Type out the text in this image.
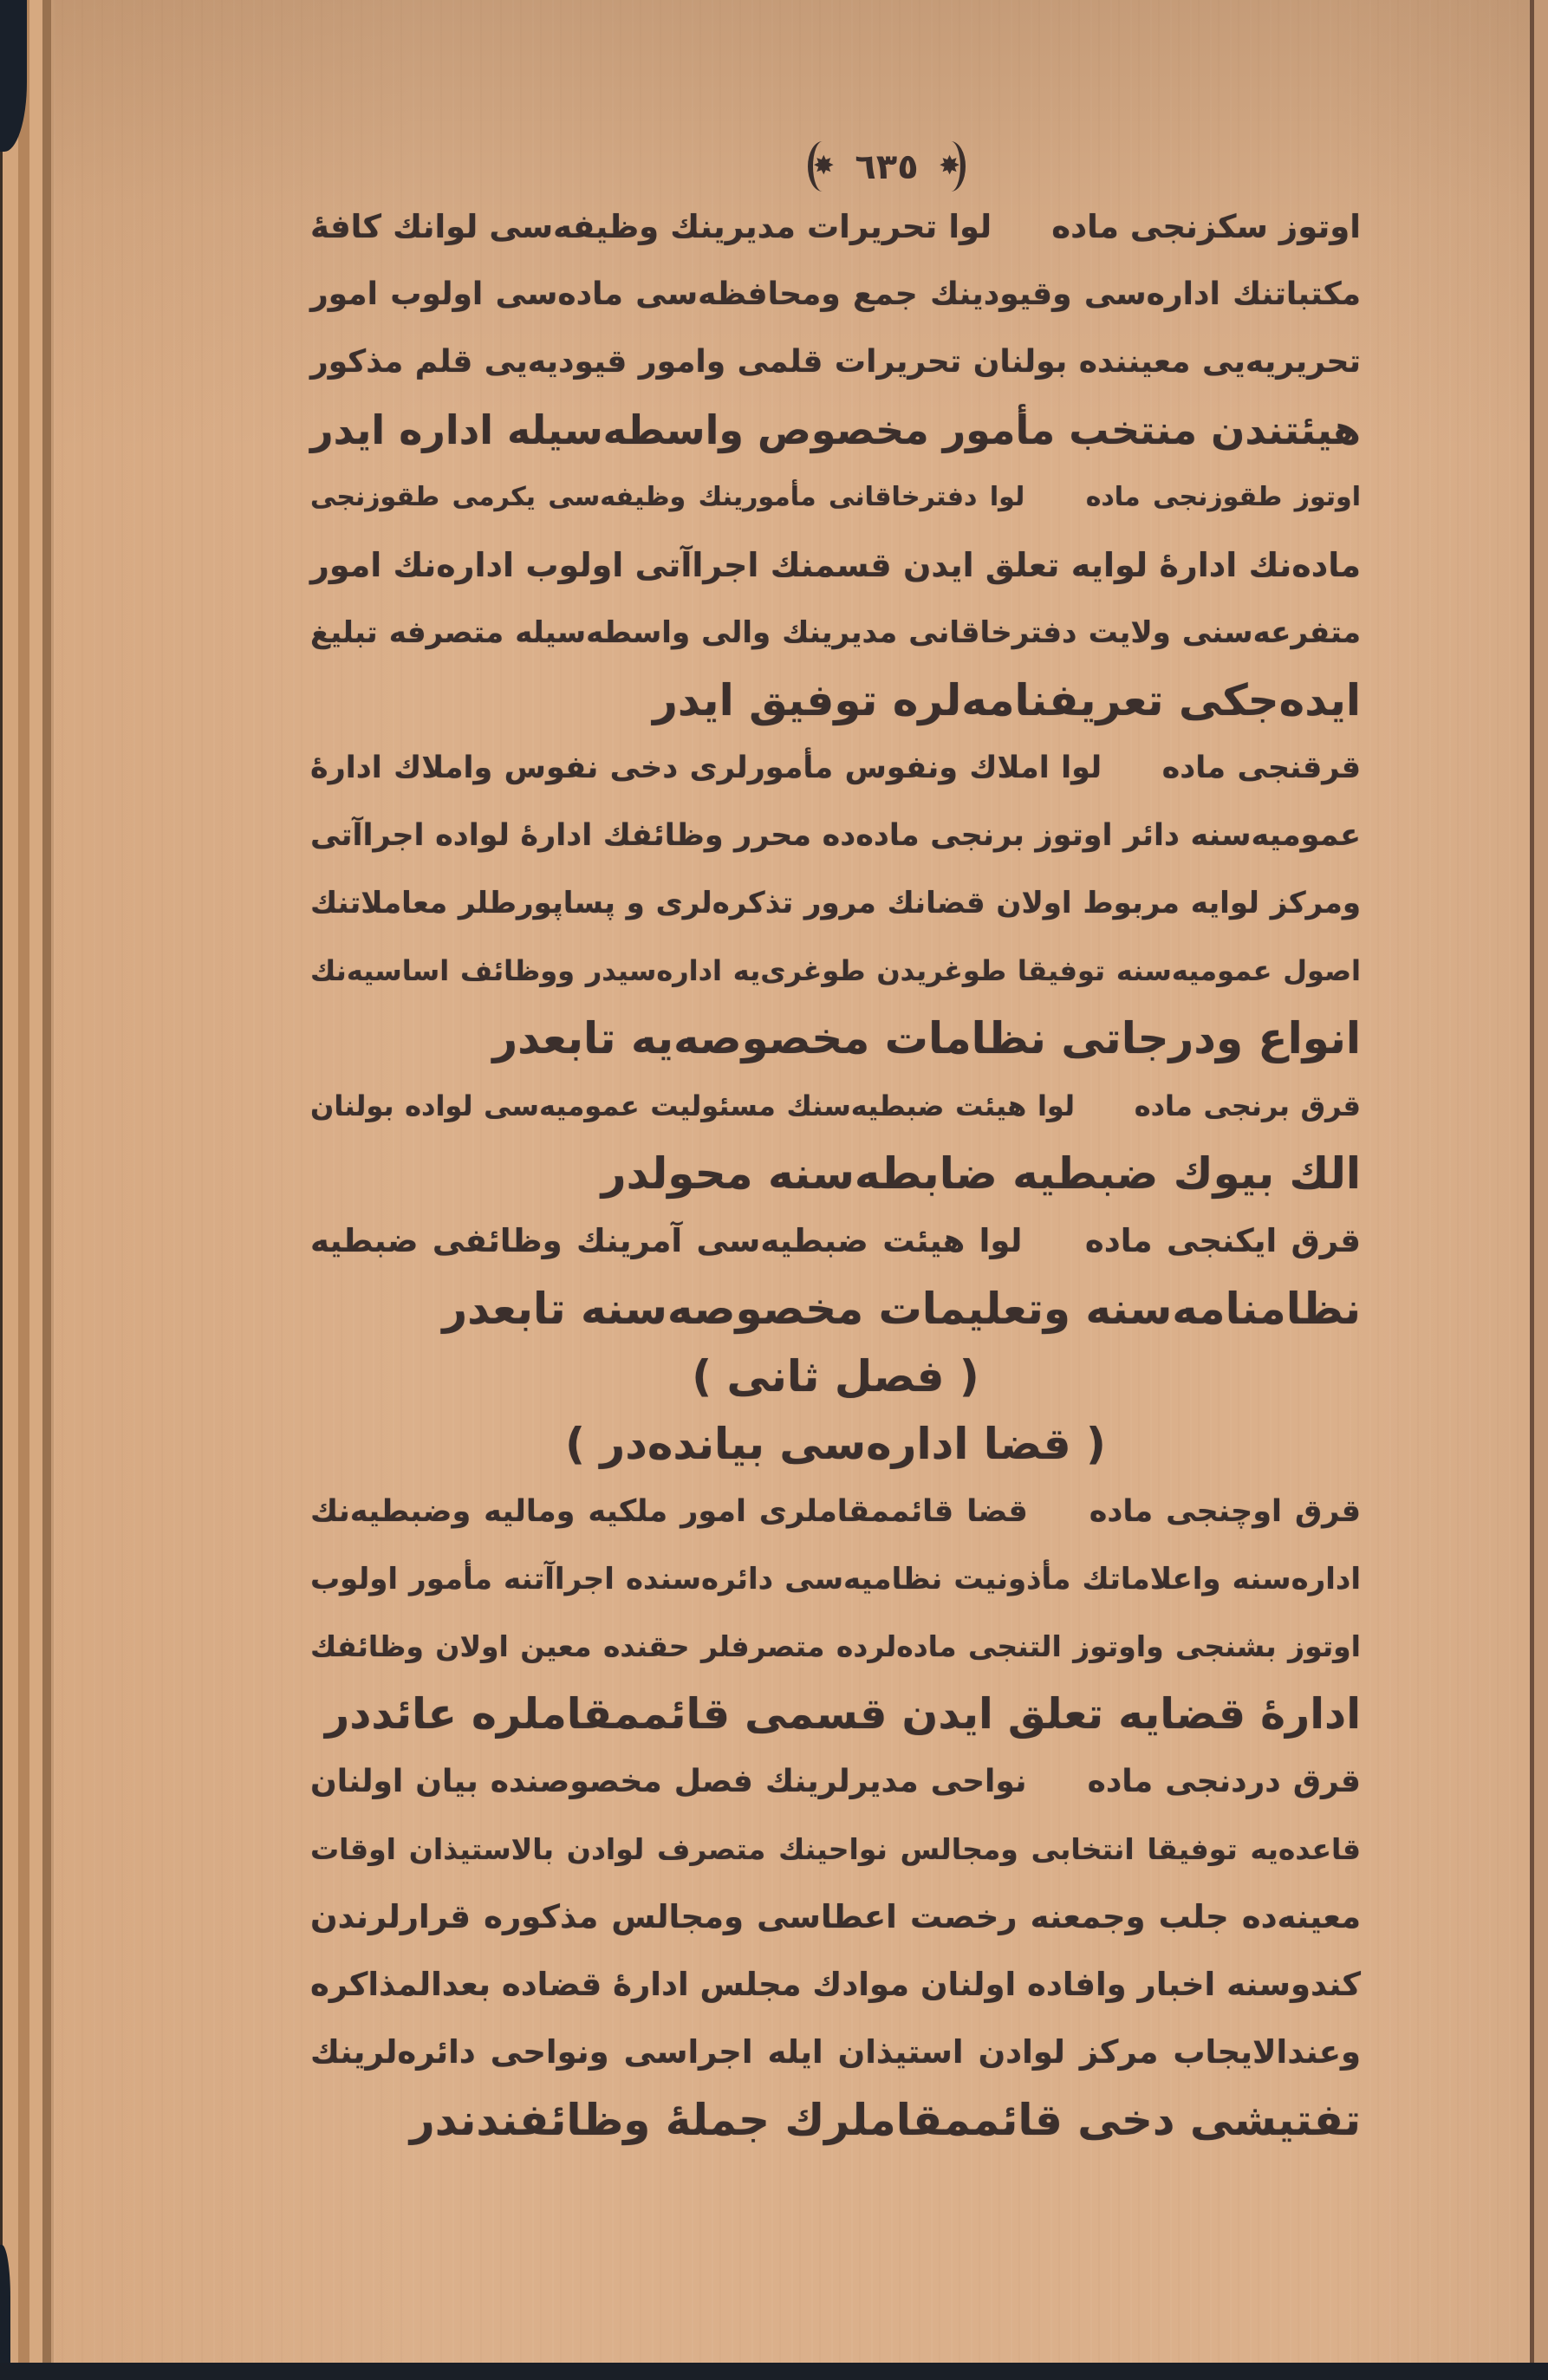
✸ ٦٣٥ ✸
اوتوز سکزنجی ماده لوا تحریرات مدیرینك وظیفه‌سی لوانك کافهٔ
مکتباتنك اداره‌سی وقیودینك جمع ومحافظه‌سی ماده‌سی اولوب امور
تحریریه‌یی معیننده بولنان تحریرات قلمی وامور قیودیه‌یی قلم مذکور
هیئتندن منتخب مأمور مخصوص واسطه‌سیله اداره ایدر
اوتوز طقوزنجی ماده لوا دفترخاقانی مأمورینك وظیفه‌سی یکرمی طقوزنجی
ماده‌نك اداره‌ٔ لوایه تعلق ایدن قسمنك اجراآتی اولوب اداره‌نك امور
متفرعه‌سنی ولایت دفترخاقانی مدیرینك والی واسطه‌سیله متصرفه تبلیغ
ایده‌جکی تعریفنامه‌لره توفیق ایدر
قرقنجی ماده لوا املاك ونفوس مأمورلری دخی نفوس واملاك اداره‌ٔ
عمومیه‌سنه دائر اوتوز برنجی ماده‌ده محرر وظائفك اداره‌ٔ لواده اجراآتی
ومرکز لوایه مربوط اولان قضانك مرور تذکره‌لری و پساپورطلر معاملاتنك
اصول عمومیه‌سنه توفیقا طوغریدن طوغری‌یه اداره‌سیدر ووظائف اساسیه‌نك
انواع ودرجاتی نظامات مخصوصه‌یه تابعدر
قرق برنجی ماده لوا هیئت ضبطیه‌سنك مسئولیت عمومیه‌سی لواده بولنان
الك بیوك ضبطیه ضابطه‌سنه محولدر
قرق ایکنجی ماده لوا هیئت ضبطیه‌سی آمرینك وظائفی ضبطیه
نظامنامه‌سنه وتعلیمات مخصوصه‌سنه تابعدر
( فصل ثانی )
( قضا اداره‌سی بیانده‌در )
قرق اوچنجی ماده قضا قائممقاملری امور ملکیه ومالیه وضبطیه‌نك
اداره‌سنه واعلاماتك مأذونیت نظامیه‌سی دائره‌سنده اجراآتنه مأمور اولوب
اوتوز بشنجی واوتوز التنجی ماده‌لرده متصرفلر حقنده معین اولان وظائفك
اداره‌ٔ قضایه تعلق ایدن قسمی قائممقاملره عائددر
قرق دردنجی ماده نواحی مدیرلرینك فصل مخصوصنده بیان اولنان
قاعده‌یه توفیقا انتخابی ومجالس نواحینك متصرف لوادن بالاستیذان اوقات
معینه‌ده جلب وجمعنه رخصت اعطاسی ومجالس مذکوره قرارلرندن
کندوسنه اخبار وافاده اولنان موادك مجلس اداره‌ٔ قضاده بعدالمذاکره
وعندالایجاب مرکز لوادن استیذان ایله اجراسی ونواحی دائره‌لرینك
تفتیشی دخی قائممقاملرك جمله‌ٔ وظائفندندر
